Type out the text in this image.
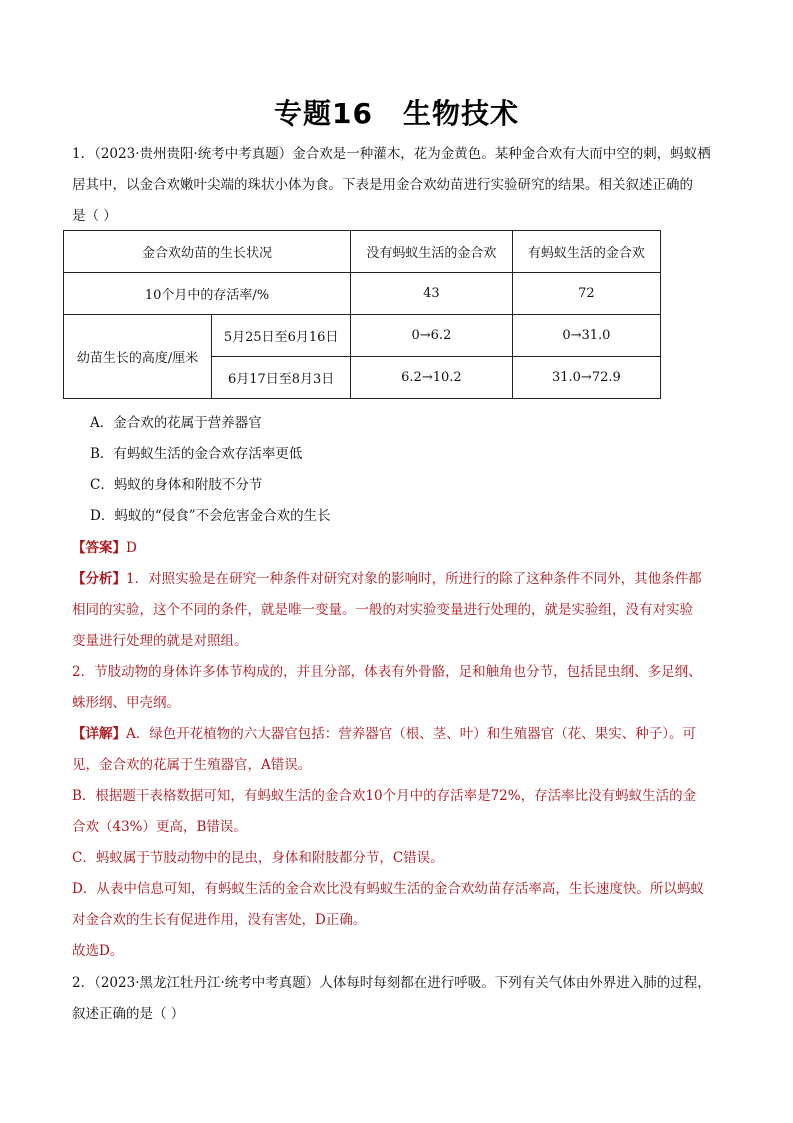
专题16 生物技术
1．（2023·贵州贵阳·统考中考真题）金合欢是一种灌木，花为金黄色。某种金合欢有大而中空的刺，蚂蚁栖
居其中，以金合欢嫩叶尖端的珠状小体为食。下表是用金合欢幼苗进行实验研究的结果。相关叙述正确的
是（ ）
金合欢幼苗的生长状况		没有蚂蚁生活的金合欢	有蚂蚁生活的金合欢
10个月中的存活率/%		43	72
幼苗生长的高度/厘米	5月25日至6月16日	0→6.2	0→31.0
	6月17日至8月3日	6.2→10.2	31.0→72.9
A．金合欢的花属于营养器官
B．有蚂蚁生活的金合欢存活率更低
C．蚂蚁的身体和附肢不分节
D．蚂蚁的“侵食”不会危害金合欢的生长
【答案】D
【分析】1．对照实验是在研究一种条件对研究对象的影响时，所进行的除了这种条件不同外，其他条件都
相同的实验，这个不同的条件，就是唯一变量。一般的对实验变量进行处理的，就是实验组，没有对实验
变量进行处理的就是对照组。
2．节肢动物的身体许多体节构成的，并且分部，体表有外骨骼，足和触角也分节，包括昆虫纲、多足纲、
蛛形纲、甲壳纲。
【详解】A．绿色开花植物的六大器官包括：营养器官（根、茎、叶）和生殖器官（花、果实、种子）。可
见，金合欢的花属于生殖器官，A错误。
B．根据题干表格数据可知，有蚂蚁生活的金合欢10个月中的存活率是72%，存活率比没有蚂蚁生活的金
合欢（43%）更高，B错误。
C．蚂蚁属于节肢动物中的昆虫，身体和附肢都分节，C错误。
D．从表中信息可知，有蚂蚁生活的金合欢比没有蚂蚁生活的金合欢幼苗存活率高，生长速度快。所以蚂蚁
对金合欢的生长有促进作用，没有害处，D正确。
故选D。
2．（2023·黑龙江牡丹江·统考中考真题）人体每时每刻都在进行呼吸。下列有关气体由外界进入肺的过程，
叙述正确的是（ ）
